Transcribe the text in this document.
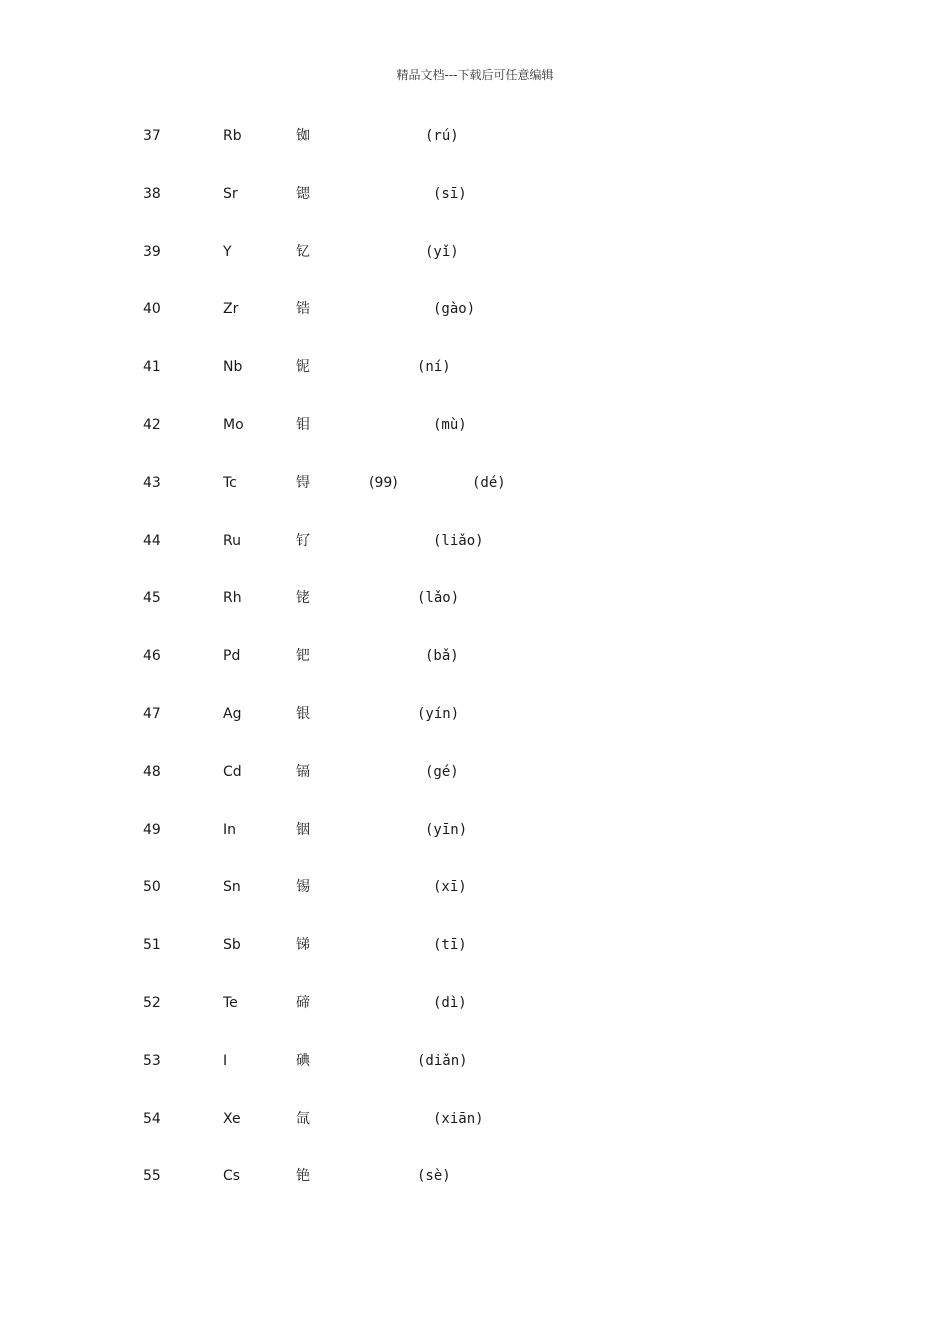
精品文档---下载后可任意编辑
37	Rb	铷	(rú)
38	Sr	锶	(sī)
39	Y	钇	(yǐ)
40	Zr	锆	(gào)
41	Nb	铌	(ní)
42	Mo	钼	(mù)
43	Tc	锝	(99)	(dé)
44	Ru	钌	(liǎo)
45	Rh	铑	(lǎo)
46	Pd	钯	(bǎ)
47	Ag	银	(yín)
48	Cd	镉	(gé)
49	In	铟	(yīn)
50	Sn	锡	(xī)
51	Sb	锑	(tī)
52	Te	碲	(dì)
53	I	碘	(diǎn)
54	Xe	氙	(xiān)
55	Cs	铯	(sè)
